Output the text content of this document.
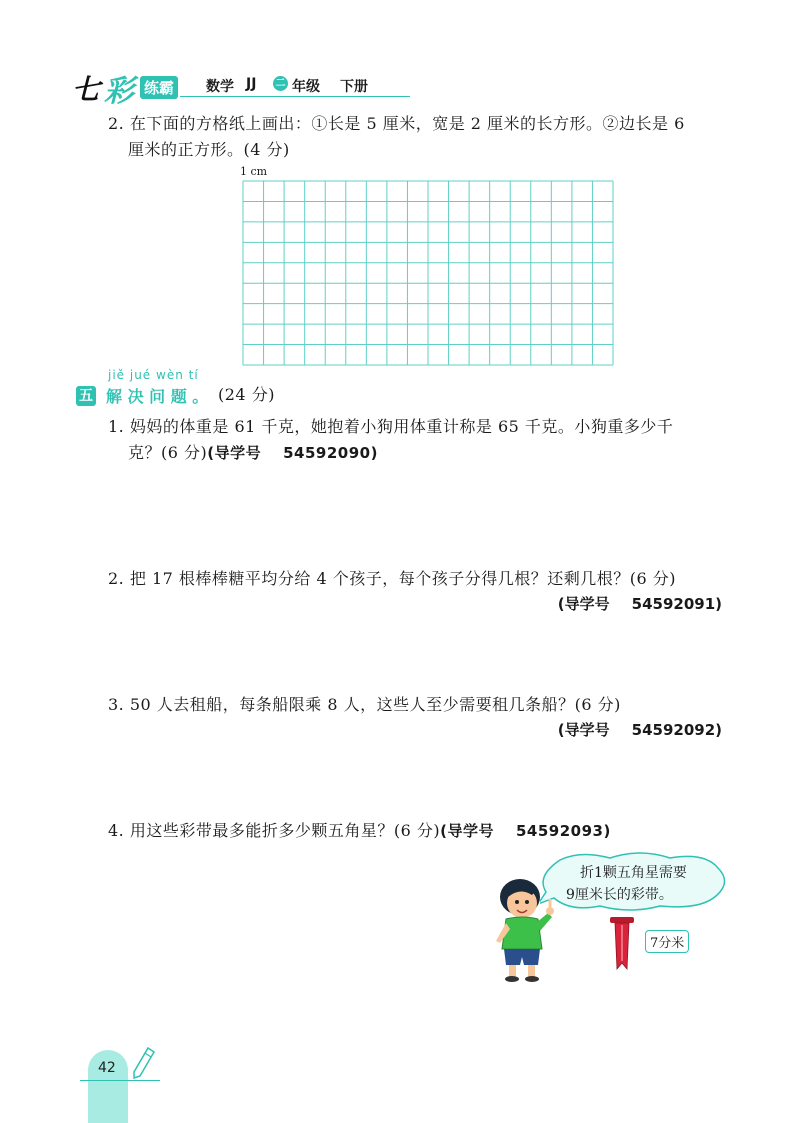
七 彩 练霸 数学 JJ 二 年级 下册
2. 在下面的方格纸上画出：①长是 5 厘米，宽是 2 厘米的长方形。②边长是 6
厘米的正方形。(4 分)
1 cm
jiě jué wèn tí
五 解 决 问 题 。 (24 分)
1. 妈妈的体重是 61 千克，她抱着小狗用体重计称是 65 千克。小狗重多少千
克？(6 分)(导学号 54592090)
2. 把 17 根棒棒糖平均分给 4 个孩子，每个孩子分得几根？还剩几根？(6 分)
(导学号 54592091)
3. 50 人去租船，每条船限乘 8 人，这些人至少需要租几条船？(6 分)
(导学号 54592092)
4. 用这些彩带最多能折多少颗五角星？(6 分)(导学号 54592093)
折1颗五角星需要
9厘米长的彩带。
7分米
42
